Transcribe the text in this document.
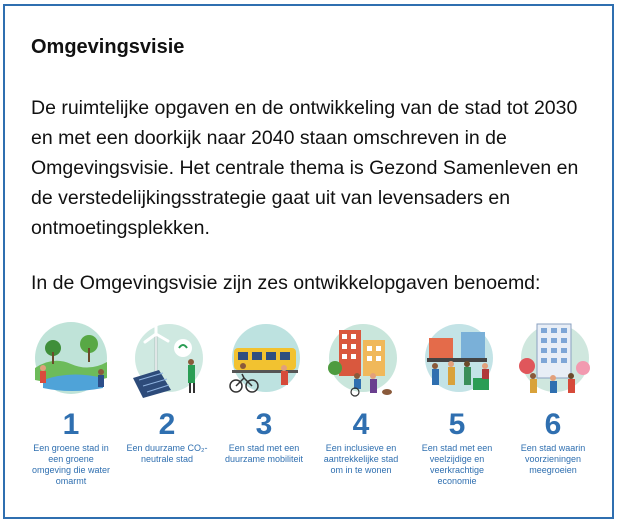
Omgevingsvisie

De ruimtelijke opgaven en de ontwikkeling van de stad tot 2030 en met een doorkijk naar 2040 staan omschreven in de Omgevingsvisie. Het centrale thema is Gezond Samenleven en de verstedelijkingsstrategie gaat uit van levensaders en ontmoetingsplekken.

In de Omgevingsvisie zijn zes ontwikkelopgaven benoemd:

1
Een groene stad in een groene omgeving die water omarmt
2
Een duurzame CO₂-neutrale stad
3
Een stad met een duurzame mobiliteit
4
Een inclusieve en aantrekkelijke stad om in te wonen
5
Een stad met een veelzijdige en veerkrachtige economie
6
Een stad waarin voorzieningen meegroeien
